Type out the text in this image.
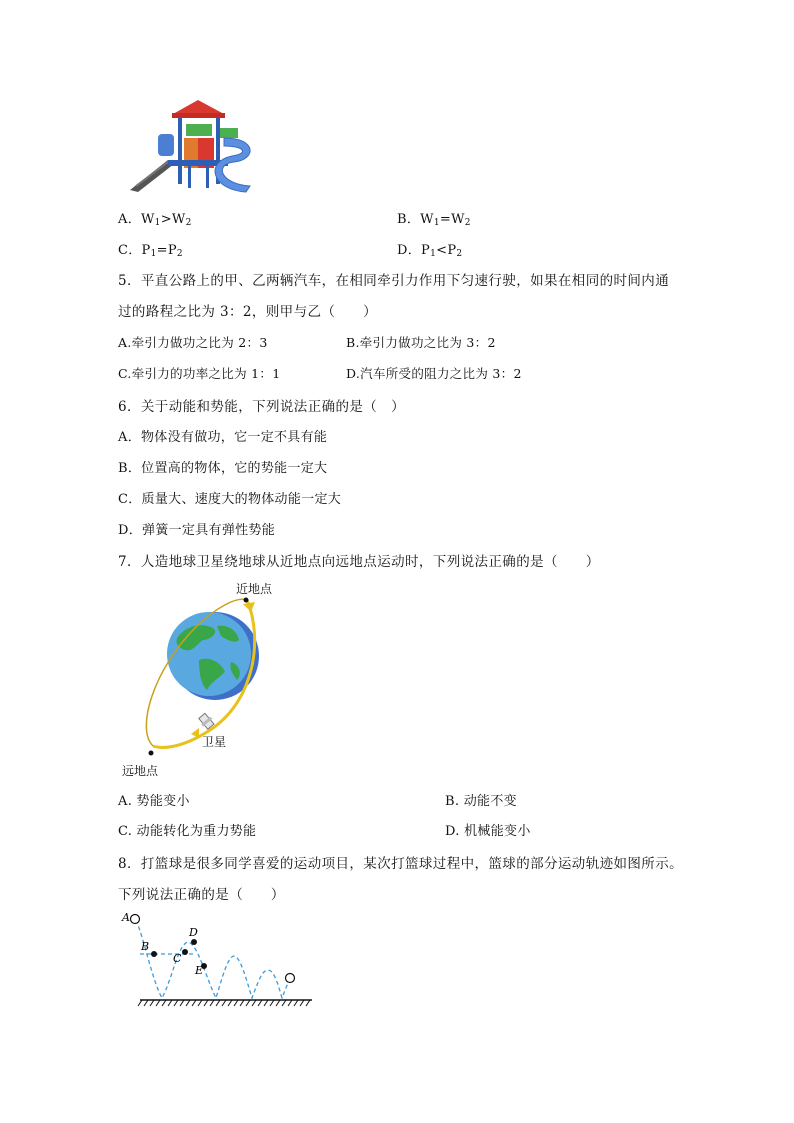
A．$W_1>W_2$	B．$W_1=W_2$
C．$P_1=P_2$	D．$P_1<P_2$
5．平直公路上的甲、乙两辆汽车，在相同牵引力作用下匀速行驶，如果在相同的时间内通
过的路程之比为 3：2，则甲与乙（　　）
A.牵引力做功之比为 2：3	B.牵引力做功之比为 3：2
C.牵引力的功率之比为 1：1	D.汽车所受的阻力之比为 3：2
6．关于动能和势能，下列说法正确的是（　）
A．物体没有做功，它一定不具有能
B．位置高的物体，它的势能一定大
C．质量大、速度大的物体动能一定大
D．弹簧一定具有弹性势能
7．人造地球卫星绕地球从近地点向远地点运动时，下列说法正确的是（　　）
近地点
卫星
远地点
A. 势能变小	B. 动能不变
C. 动能转化为重力势能	D. 机械能变小
8．打篮球是很多同学喜爱的运动项目，某次打篮球过程中，篮球的部分运动轨迹如图所示。
下列说法正确的是（　　）
A
B
C
D
E
